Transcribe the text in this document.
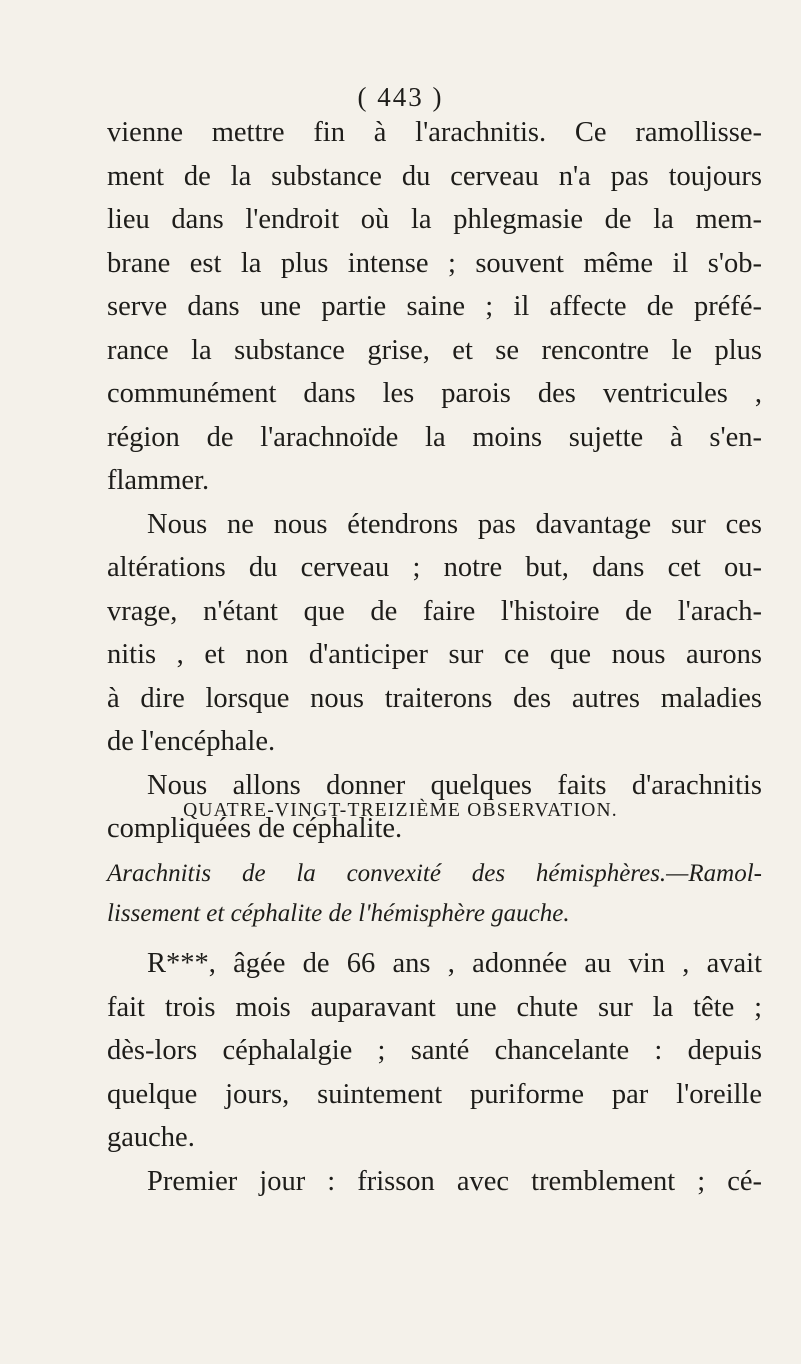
( 443 )
vienne mettre fin à l'arachnitis. Ce ramollisse-
ment de la substance du cerveau n'a pas toujours
lieu dans l'endroit où la phlegmasie de la mem-
brane est la plus intense ; souvent même il s'ob-
serve dans une partie saine ; il affecte de préfé-
rance la substance grise, et se rencontre le plus
communément dans les parois des ventricules ,
région de l'arachnoïde la moins sujette à s'en-
flammer.
Nous ne nous étendrons pas davantage sur ces
altérations du cerveau ; notre but, dans cet ou-
vrage, n'étant que de faire l'histoire de l'arach-
nitis , et non d'anticiper sur ce que nous aurons
à dire lorsque nous traiterons des autres maladies
de l'encéphale.
Nous allons donner quelques faits d'arachnitis
compliquées de céphalite.
QUATRE-VINGT-TREIZIÈME OBSERVATION.
Arachnitis de la convexité des hémisphères.—Ramol-
lissement et céphalite de l'hémisphère gauche.
R***, âgée de 66 ans , adonnée au vin , avait
fait trois mois auparavant une chute sur la tête ;
dès-lors céphalalgie ; santé chancelante : depuis
quelque jours, suintement puriforme par l'oreille
gauche.
Premier jour : frisson avec tremblement ; cé-
